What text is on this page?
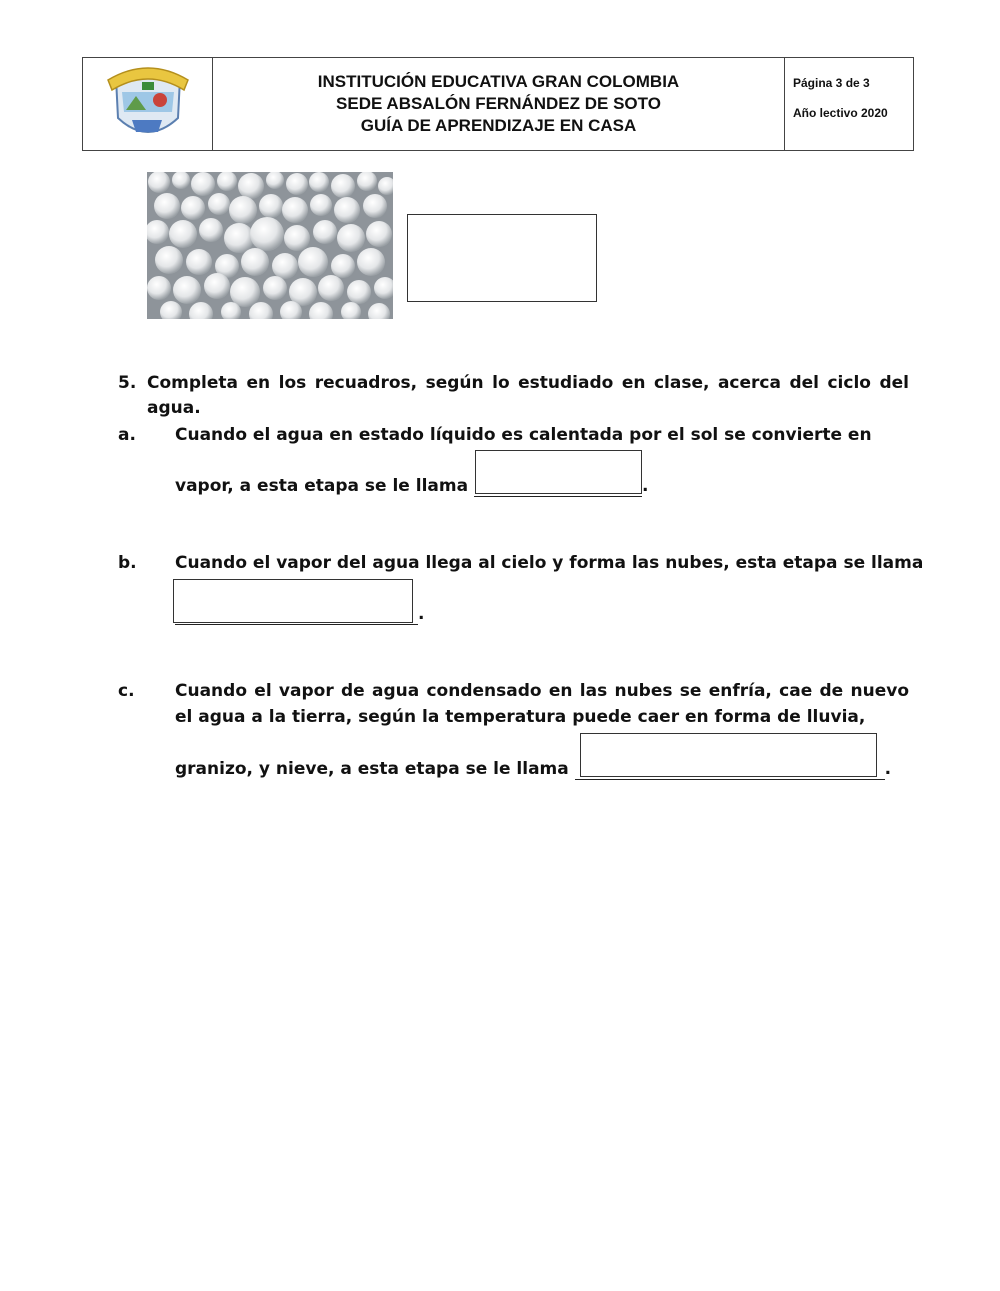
INSTITUCIÓN EDUCATIVA GRAN COLOMBIA
SEDE ABSALÓN FERNÁNDEZ DE SOTO
GUÍA DE APRENDIZAJE EN CASA
Página 3 de 3
Año lectivo 2020
5. Completa en los recuadros, según lo estudiado en clase, acerca del ciclo del
agua.
a. Cuando el agua en estado líquido es calentada por el sol se convierte en
vapor, a esta etapa se le llama	.
b. Cuando el vapor del agua llega al cielo y forma las nubes, esta etapa se llama
.
c. Cuando el vapor de agua condensado en las nubes se enfría, cae de nuevo
el agua a la tierra, según la temperatura puede caer en forma de lluvia,
granizo, y nieve, a esta etapa se le llama	.
